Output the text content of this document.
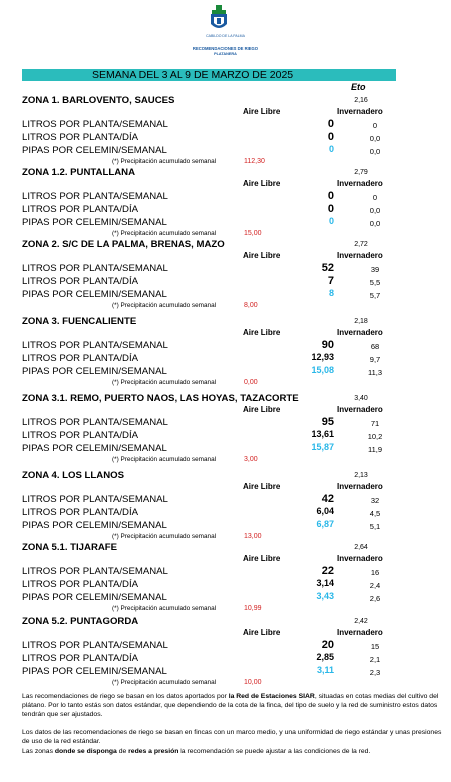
CABILDO DE LA PALMA
RECOMENDACIONES DE RIEGO
PLATANERA
SEMANA DEL 3 AL 9 DE MARZO DE 2025
Eto
ZONA 1. BARLOVENTO, SAUCES	2,16
Aire Libre	Invernadero
LITROS POR PLANTA/SEMANAL	0	0
LITROS POR PLANTA/DÍA	0	0,0
PIPAS POR CELEMIN/SEMANAL	0	0,0
(*) Precipitación acumulado semanal	112,30
ZONA 1.2. PUNTALLANA	2,79
Aire Libre	Invernadero
LITROS POR PLANTA/SEMANAL	0	0
LITROS POR PLANTA/DÍA	0	0,0
PIPAS POR CELEMIN/SEMANAL	0	0,0
(*) Precipitación acumulado semanal	15,00
ZONA 2. S/C DE LA PALMA, BRENAS, MAZO	2,72
Aire Libre	Invernadero
LITROS POR PLANTA/SEMANAL	52	39
LITROS POR PLANTA/DÍA	7	5,5
PIPAS POR CELEMIN/SEMANAL	8	5,7
(*) Precipitación acumulado semanal	8,00
ZONA 3. FUENCALIENTE	2,18
Aire Libre	Invernadero
LITROS POR PLANTA/SEMANAL	90	68
LITROS POR PLANTA/DÍA	12,93	9,7
PIPAS POR CELEMIN/SEMANAL	15,08	11,3
(*) Precipitación acumulado semanal	0,00
ZONA 3.1. REMO, PUERTO NAOS, LAS HOYAS, TAZACORTE	3,40
Aire Libre	Invernadero
LITROS POR PLANTA/SEMANAL	95	71
LITROS POR PLANTA/DÍA	13,61	10,2
PIPAS POR CELEMIN/SEMANAL	15,87	11,9
(*) Precipitación acumulado semanal	3,00
ZONA 4. LOS LLANOS	2,13
Aire Libre	Invernadero
LITROS POR PLANTA/SEMANAL	42	32
LITROS POR PLANTA/DÍA	6,04	4,5
PIPAS POR CELEMIN/SEMANAL	6,87	5,1
(*) Precipitación acumulado semanal	13,00
ZONA 5.1. TIJARAFE	2,64
Aire Libre	Invernadero
LITROS POR PLANTA/SEMANAL	22	16
LITROS POR PLANTA/DÍA	3,14	2,4
PIPAS POR CELEMIN/SEMANAL	3,43	2,6
(*) Precipitación acumulado semanal	10,99
ZONA 5.2. PUNTAGORDA	2,42
Aire Libre	Invernadero
LITROS POR PLANTA/SEMANAL	20	15
LITROS POR PLANTA/DÍA	2,85	2,1
PIPAS POR CELEMIN/SEMANAL	3,11	2,3
(*) Precipitación acumulado semanal	10,00
Las recomendaciones de riego se basan en los datos aportados por la Red de Estaciones SIAR, situadas en cotas medias del cultivo del plátano. Por lo tanto estás son datos estándar, que dependiendo de la cota de la finca, del tipo de suelo y la red de suministro estos datos tendrán que ser ajustados.
Los datos de las recomendaciones de riego se basan en fincas con un marco medio, y una uniformidad de riego estándar y unas presiones de uso de la red estándar.
Las zonas donde se disponga de redes a presión la recomendación se puede ajustar a las condiciones de la red.
